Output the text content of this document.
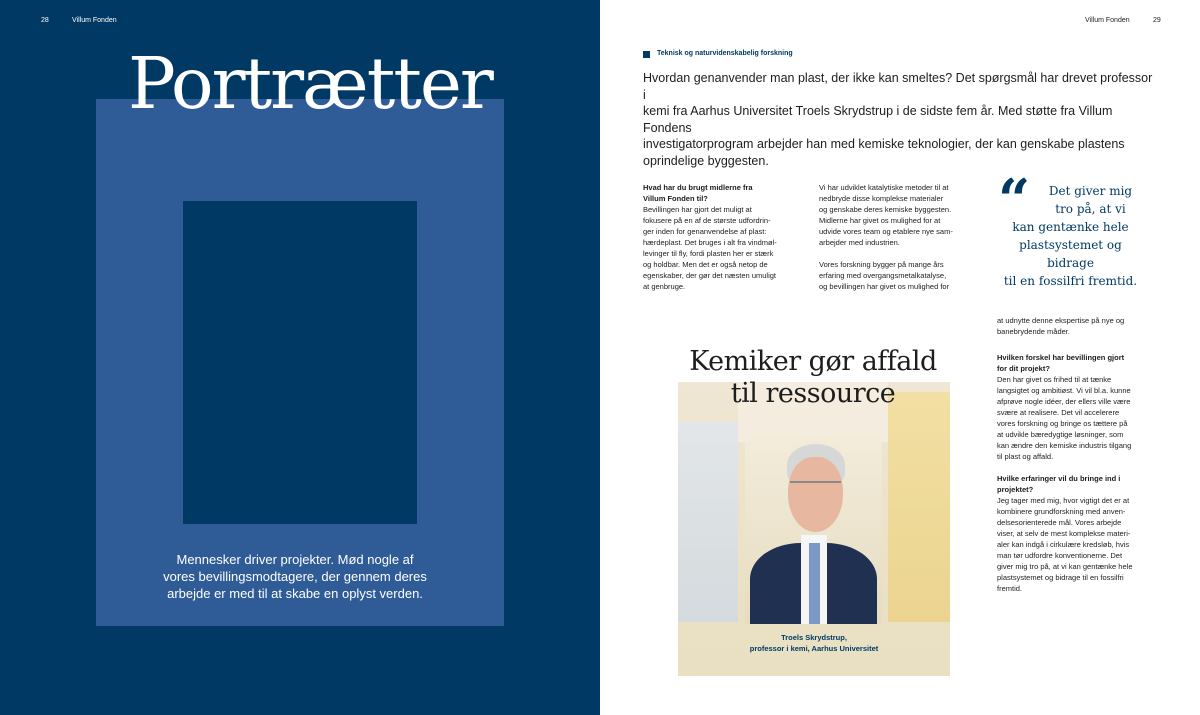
28	Villum Fonden
Portrætter
Mennesker driver projekter. Mød nogle af
vores bevillingsmodtagere, der gennem deres
arbejde er med til at skabe en oplyst verden.
Villum Fonden	29
Teknisk og naturvidenskabelig forskning
Hvordan genanvender man plast, der ikke kan smeltes? Det spørgsmål har drevet professor i
kemi fra Aarhus Universitet Troels Skrydstrup i de sidste fem år. Med støtte fra Villum Fondens
investigatorprogram arbejder han med kemiske teknologier, der kan genskabe plastens
oprindelige byggesten.
Hvad har du brugt midlerne fra
Villum Fonden til?
Bevillingen har gjort det muligt at
fokusere på en af de største udfordrin-
ger inden for genanvendelse af plast:
hærdeplast. Det bruges i alt fra vindmøl-
levinger til fly, fordi plasten her er stærk
og holdbar. Men det er også netop de
egenskaber, der gør det næsten umuligt
at genbruge.
Vi har udviklet katalytiske metoder til at
nedbryde disse komplekse materialer
og genskabe deres kemiske byggesten.
Midlerne har givet os mulighed for at
udvide vores team og etablere nye sam-
arbejder med industrien.
Vores forskning bygger på mange års
erfaring med overgangsmetalkatalyse,
og bevillingen har givet os mulighed for
“	Det giver mig
tro på, at vi
kan gentænke hele
plastsystemet og bidrage
til en fossilfri fremtid.
at udnytte denne ekspertise på nye og
banebrydende måder.
Hvilken forskel har bevillingen gjort
for dit projekt?
Den har givet os frihed til at tænke
langsigtet og ambitiøst. Vi vil bl.a. kunne
afprøve nogle idéer, der ellers ville være
svære at realisere. Det vil accelerere
vores forskning og bringe os tættere på
at udvikle bæredygtige løsninger, som
kan ændre den kemiske industris tilgang
til plast og affald.
Hvilke erfaringer vil du bringe ind i
projektet?
Jeg tager med mig, hvor vigtigt det er at
kombinere grundforskning med anven-
delsesorienterede mål. Vores arbejde
viser, at selv de mest komplekse materi-
aler kan indgå i cirkulære kredsløb, hvis
man tør udfordre konventionerne. Det
giver mig tro på, at vi kan gentænke hele
plastsystemet og bidrage til en fossilfri
fremtid.
Kemiker gør affald
til ressource
Troels Skrydstrup,
professor i kemi, Aarhus Universitet
